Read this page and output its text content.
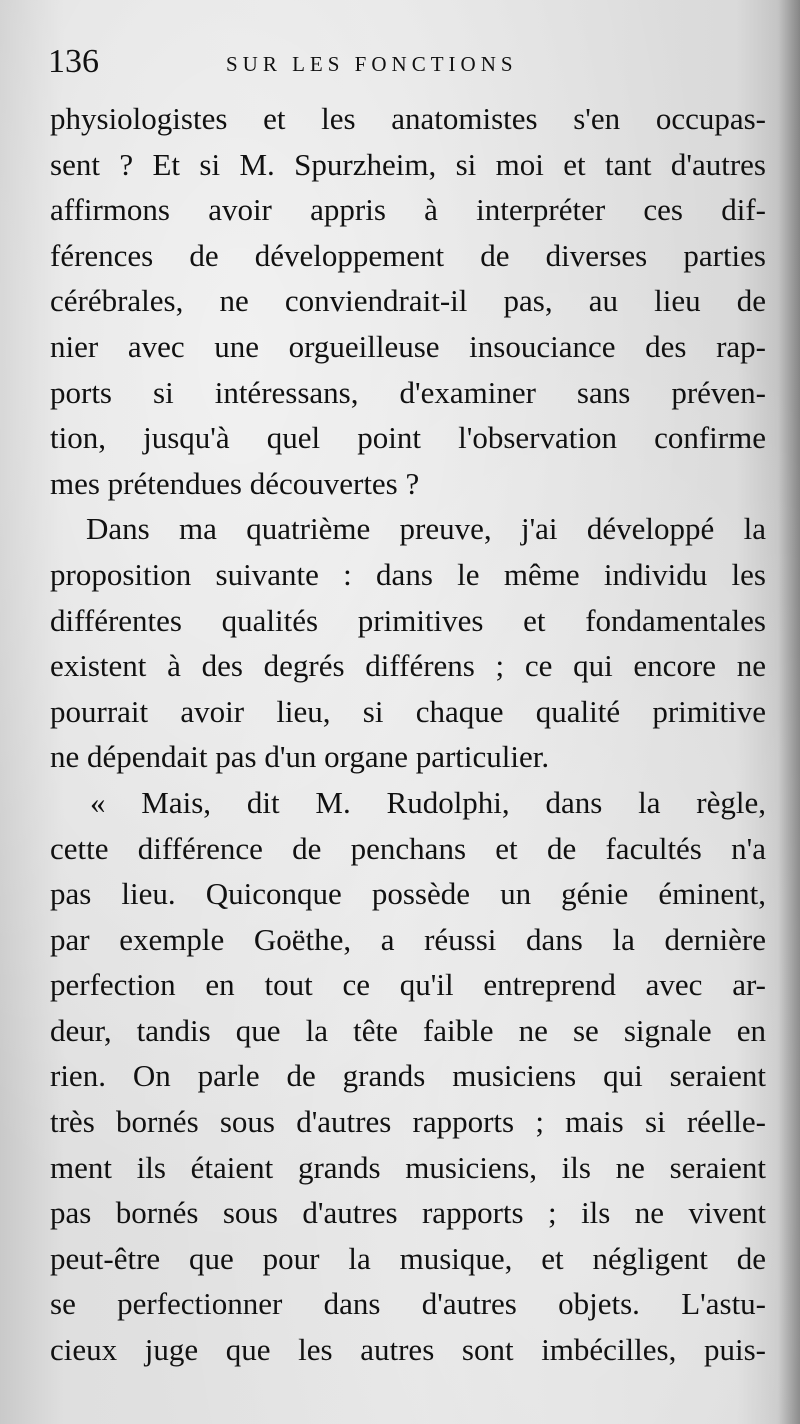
136	SUR LES FONCTIONS
physiologistes et les anatomistes s'en occupas-
sent ? Et si M. Spurzheim, si moi et tant d'autres
affirmons avoir appris à interpréter ces dif-
férences de développement de diverses parties
cérébrales, ne conviendrait-il pas, au lieu de
nier avec une orgueilleuse insouciance des rap-
ports si intéressans, d'examiner sans préven-
tion, jusqu'à quel point l'observation confirme
mes prétendues découvertes ?
Dans ma quatrième preuve, j'ai développé la
proposition suivante : dans le même individu les
différentes qualités primitives et fondamentales
existent à des degrés différens ; ce qui encore ne
pourrait avoir lieu, si chaque qualité primitive
ne dépendait pas d'un organe particulier.
« Mais, dit M. Rudolphi, dans la règle,
cette différence de penchans et de facultés n'a
pas lieu. Quiconque possède un génie éminent,
par exemple Goëthe, a réussi dans la dernière
perfection en tout ce qu'il entreprend avec ar-
deur, tandis que la tête faible ne se signale en
rien. On parle de grands musiciens qui seraient
très bornés sous d'autres rapports ; mais si réelle-
ment ils étaient grands musiciens, ils ne seraient
pas bornés sous d'autres rapports ; ils ne vivent
peut-être que pour la musique, et négligent de
se perfectionner dans d'autres objets. L'astu-
cieux juge que les autres sont imbécilles, puis-
